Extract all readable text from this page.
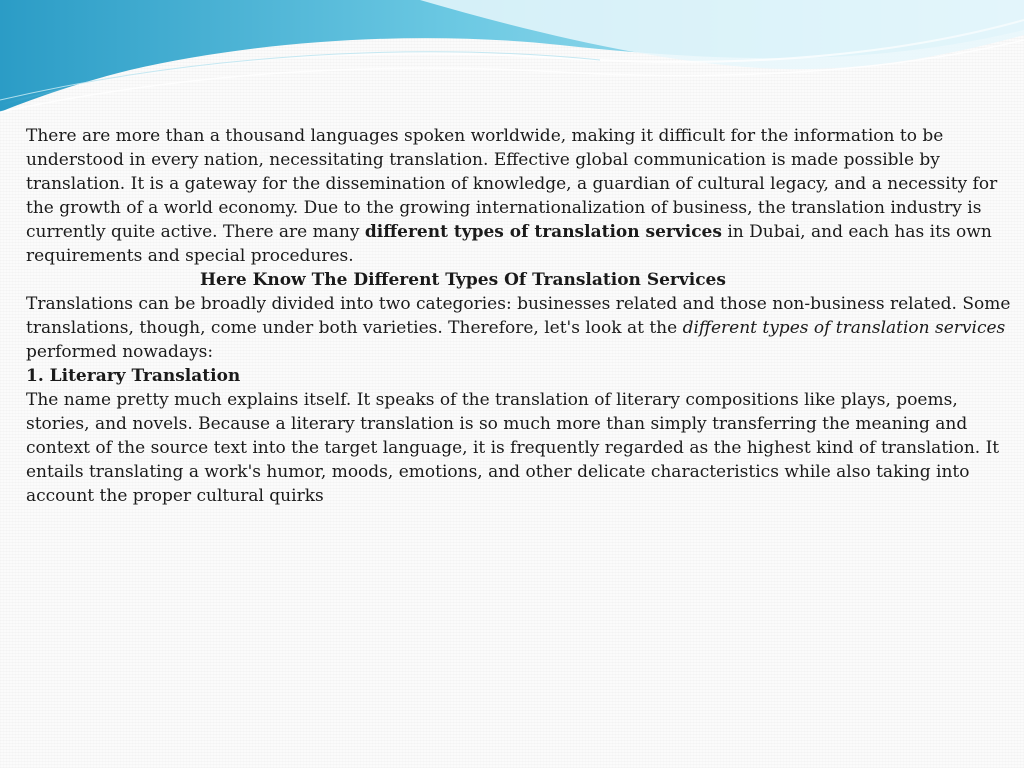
There are more than a thousand languages spoken worldwide, making it difficult for the information to be understood in every nation, necessitating translation. Effective global communication is made possible by translation. It is a gateway for the dissemination of knowledge, a guardian of cultural legacy, and a necessity for the growth of a world economy. Due to the growing internationalization of business, the translation industry is currently quite active. There are many different types of translation services in Dubai, and each has its own requirements and special procedures.

Here Know The Different Types Of Translation Services

Translations can be broadly divided into two categories: businesses related and those non-business related. Some translations, though, come under both varieties. Therefore, let's look at the different types of translation services performed nowadays:

1. Literary Translation

The name pretty much explains itself. It speaks of the translation of literary compositions like plays, poems, stories, and novels. Because a literary translation is so much more than simply transferring the meaning and context of the source text into the target language, it is frequently regarded as the highest kind of translation. It entails translating a work's humor, moods, emotions, and other delicate characteristics while also taking into account the proper cultural quirks
